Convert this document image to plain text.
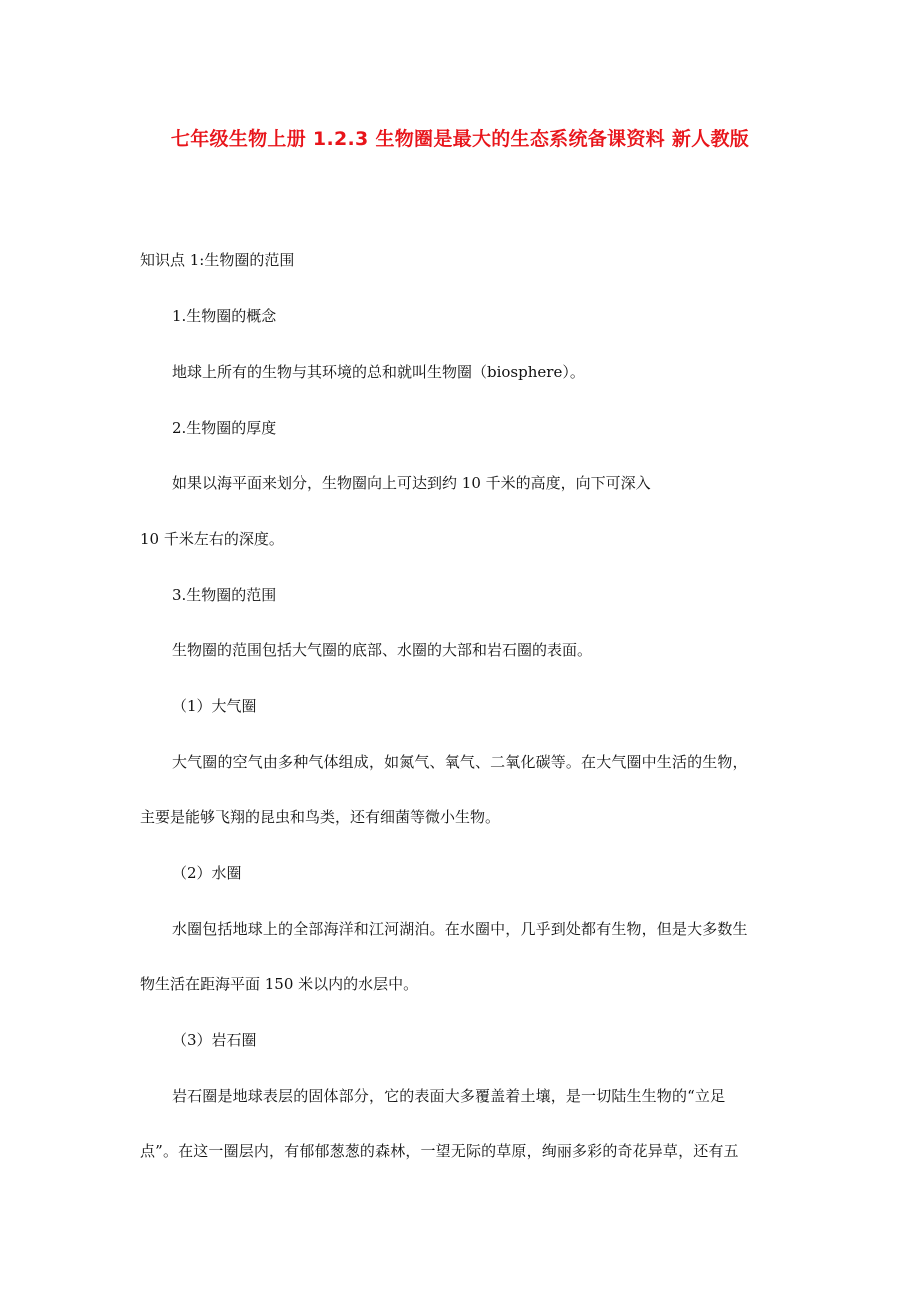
七年级生物上册 1.2.3 生物圈是最大的生态系统备课资料 新人教版
知识点 1:生物圈的范围
1.生物圈的概念
地球上所有的生物与其环境的总和就叫生物圈（biosphere）。
2.生物圈的厚度
如果以海平面来划分，生物圈向上可达到约 10 千米的高度，向下可深入
10 千米左右的深度。
3.生物圈的范围
生物圈的范围包括大气圈的底部、水圈的大部和岩石圈的表面。
（1）大气圈
大气圈的空气由多种气体组成，如氮气、氧气、二氧化碳等。在大气圈中生活的生物，
主要是能够飞翔的昆虫和鸟类，还有细菌等微小生物。
（2）水圈
水圈包括地球上的全部海洋和江河湖泊。在水圈中，几乎到处都有生物，但是大多数生
物生活在距海平面 150 米以内的水层中。
（3）岩石圈
岩石圈是地球表层的固体部分，它的表面大多覆盖着土壤，是一切陆生生物的“立足
点”。在这一圈层内，有郁郁葱葱的森林，一望无际的草原，绚丽多彩的奇花异草，还有五
